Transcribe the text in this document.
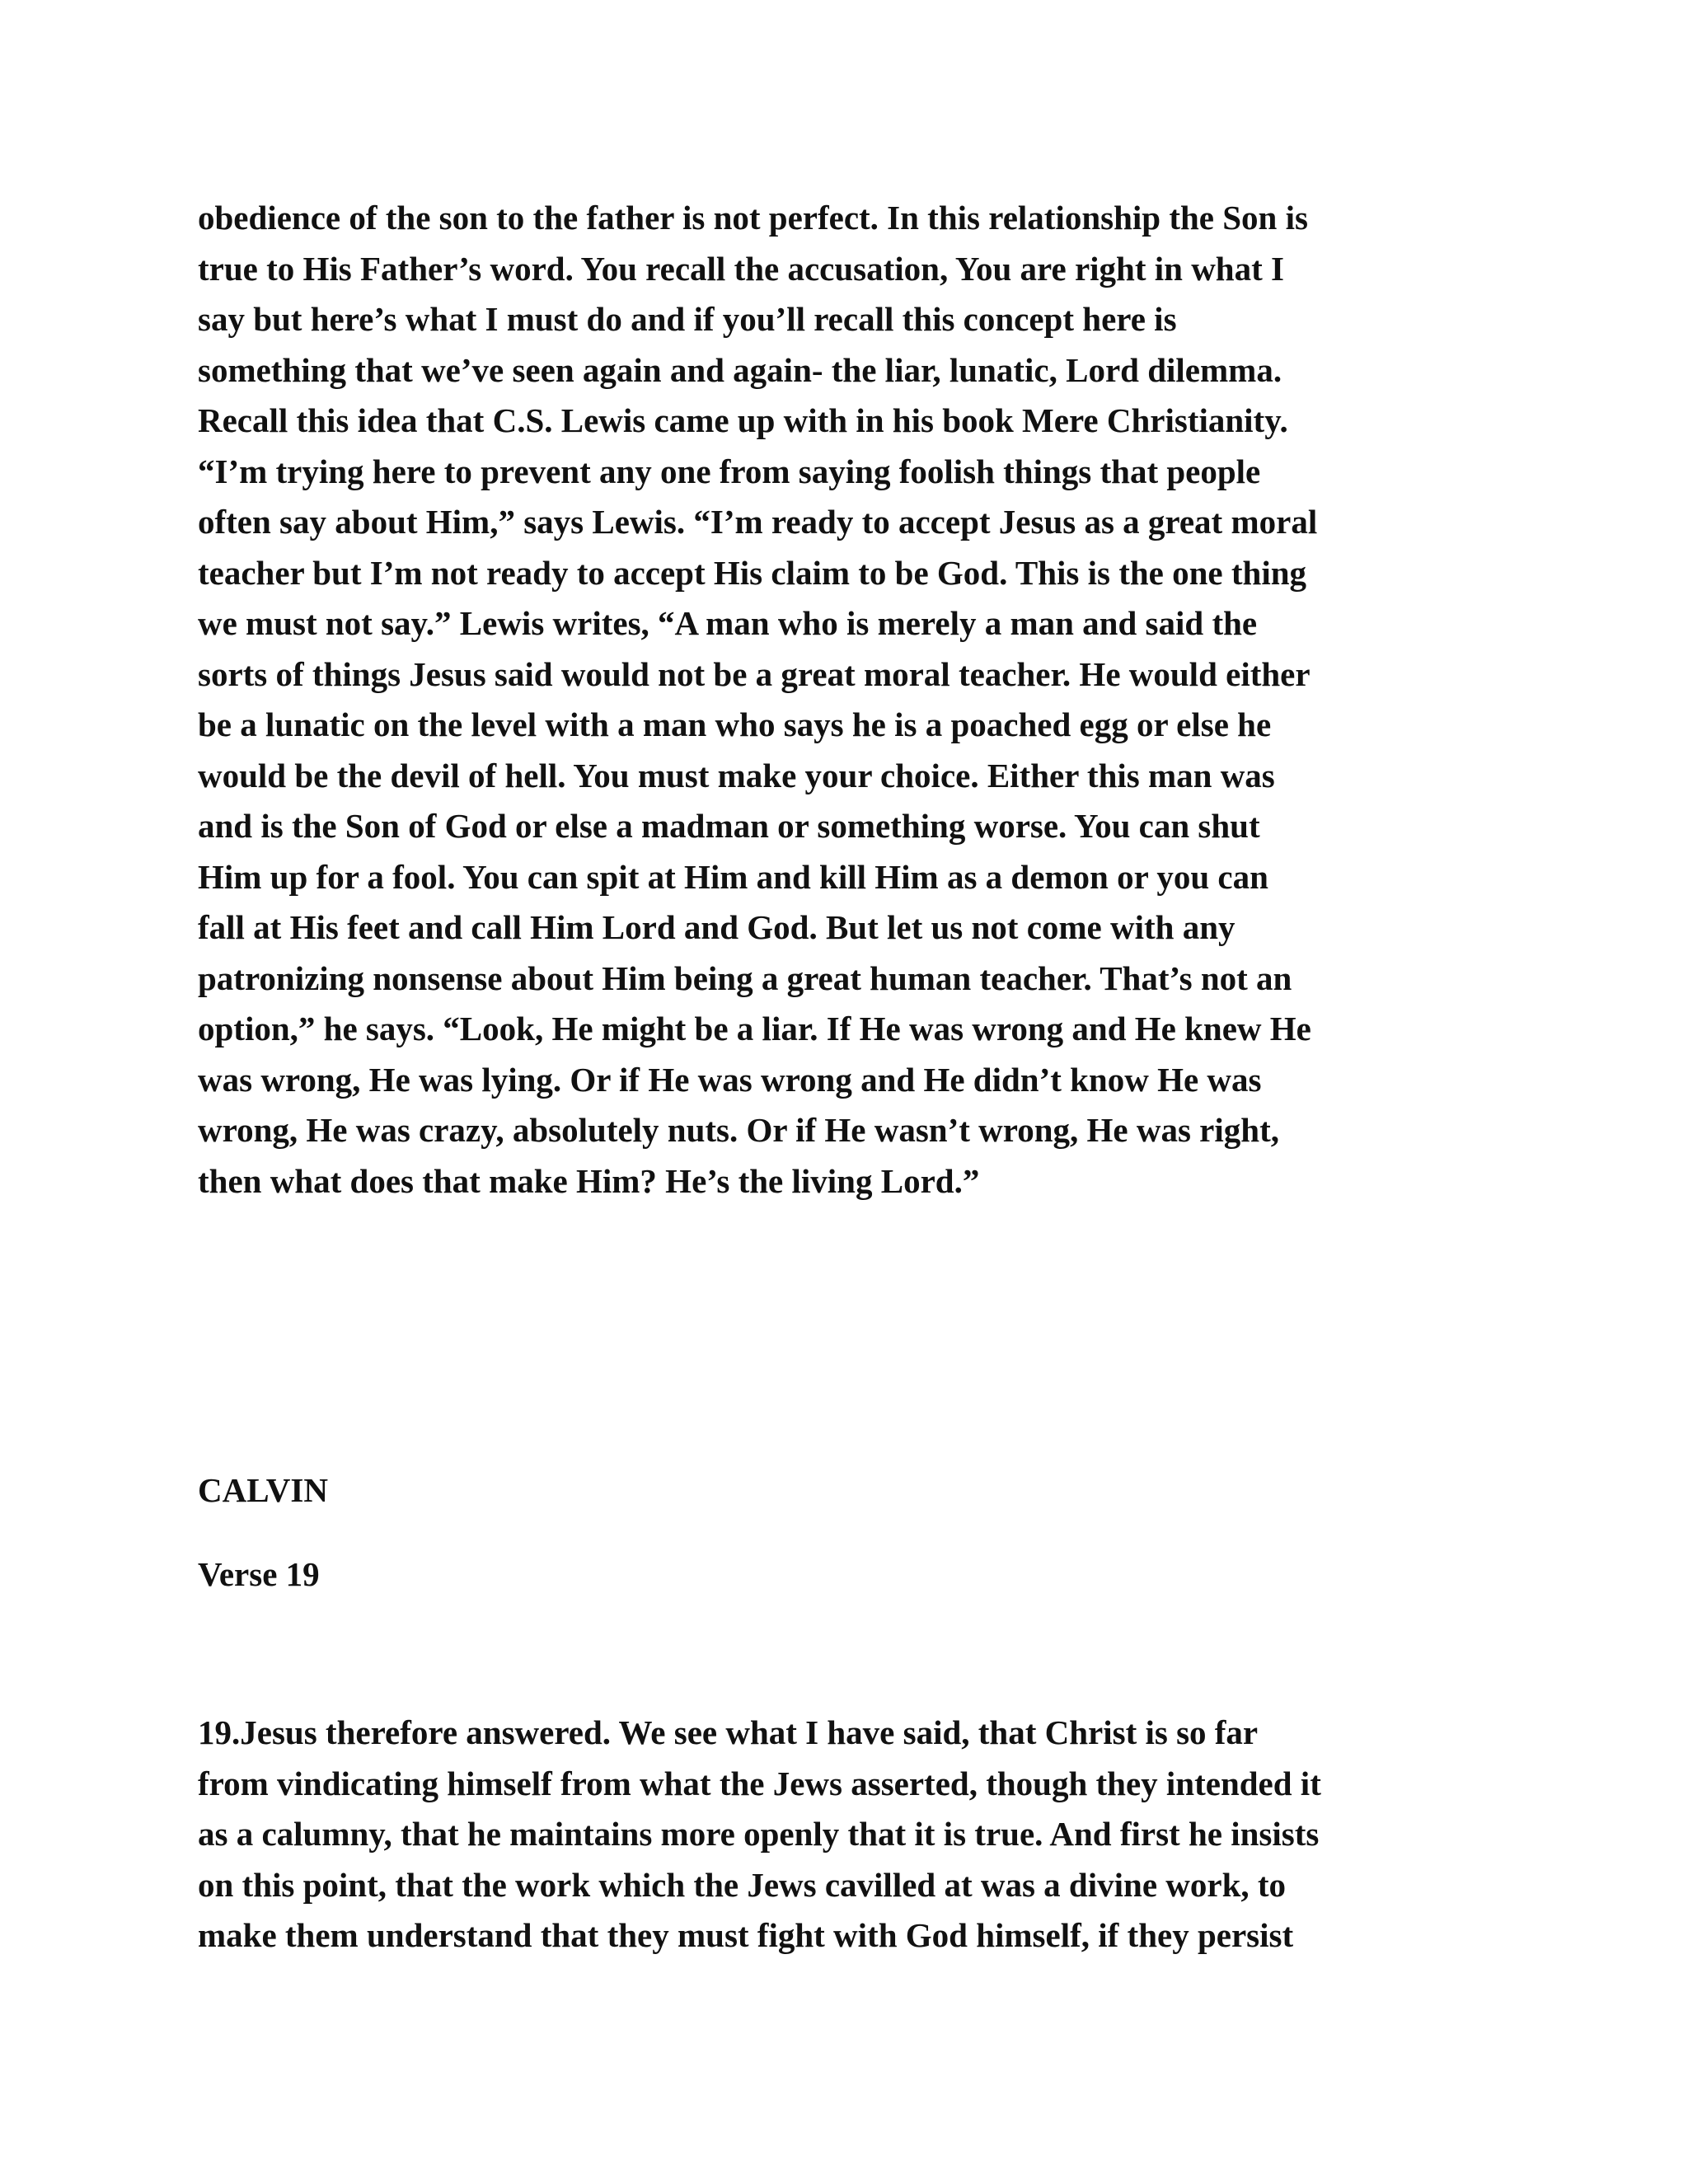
obedience of the son to the father is not perfect. In this relationship the Son is
true to His Father’s word. You recall the accusation, You are right in what I
say but here’s what I must do and if you’ll recall this concept here is
something that we’ve seen again and again- the liar, lunatic, Lord dilemma.
Recall this idea that C.S. Lewis came up with in his book Mere Christianity.
“I’m trying here to prevent any one from saying foolish things that people
often say about Him,” says Lewis. “I’m ready to accept Jesus as a great moral
teacher but I’m not ready to accept His claim to be God. This is the one thing
we must not say.” Lewis writes, “A man who is merely a man and said the
sorts of things Jesus said would not be a great moral teacher. He would either
be a lunatic on the level with a man who says he is a poached egg or else he
would be the devil of hell. You must make your choice. Either this man was
and is the Son of God or else a madman or something worse. You can shut
Him up for a fool. You can spit at Him and kill Him as a demon or you can
fall at His feet and call Him Lord and God. But let us not come with any
patronizing nonsense about Him being a great human teacher. That’s not an
option,” he says. “Look, He might be a liar. If He was wrong and He knew He
was wrong, He was lying. Or if He was wrong and He didn’t know He was
wrong, He was crazy, absolutely nuts. Or if He wasn’t wrong, He was right,
then what does that make Him? He’s the living Lord.”
CALVIN
Verse 19
19.Jesus therefore answered. We see what I have said, that Christ is so far
from vindicating himself from what the Jews asserted, though they intended it
as a calumny, that he maintains more openly that it is true. And first he insists
on this point, that the work which the Jews cavilled at was a divine work, to
make them understand that they must fight with God himself, if they persist
